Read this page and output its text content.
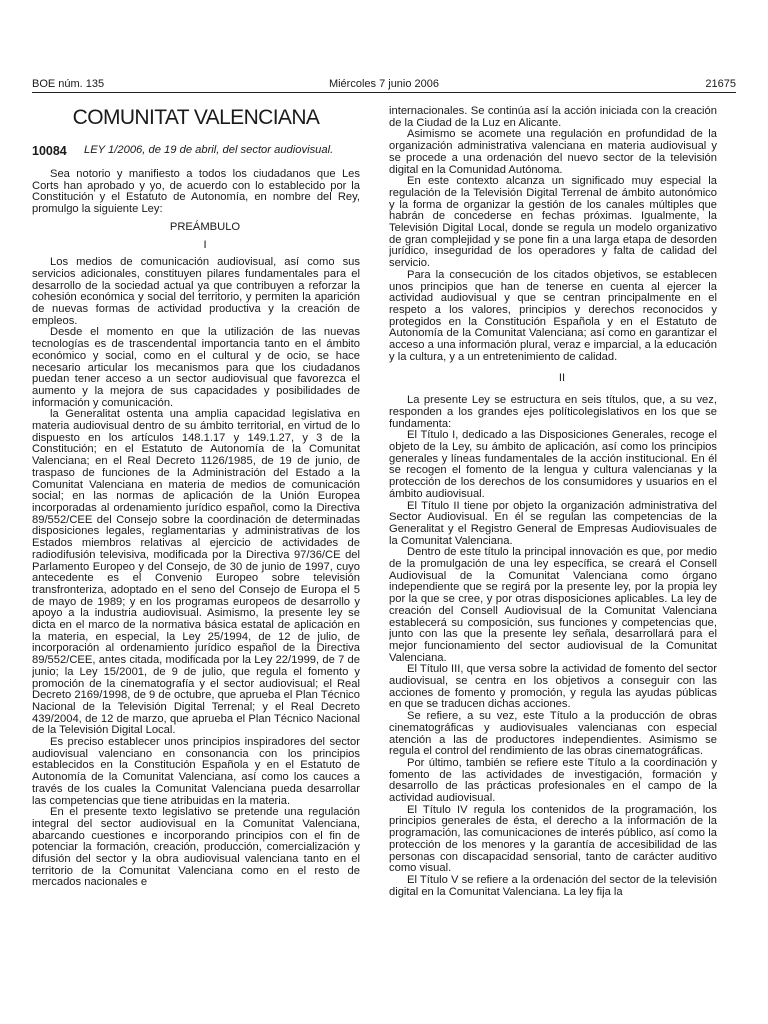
BOE núm. 135	Miércoles 7 junio 2006	21675
COMUNITAT VALENCIANA
10084	LEY 1/2006, de 19 de abril, del sector audiovisual.

Sea notorio y manifiesto a todos los ciudadanos que Les Corts han aprobado y yo, de acuerdo con lo establecido por la Constitución y el Estatuto de Autonomía, en nombre del Rey, promulgo la siguiente Ley:

PREÁMBULO

I

Los medios de comunicación audiovisual, así como sus servicios adicionales, constituyen pilares fundamentales para el desarrollo de la sociedad actual ya que contribuyen a reforzar la cohesión económica y social del territorio, y permiten la aparición de nuevas formas de actividad productiva y la creación de empleos.

Desde el momento en que la utilización de las nuevas tecnologías es de trascendental importancia tanto en el ámbito económico y social, como en el cultural y de ocio, se hace necesario articular los mecanismos para que los ciudadanos puedan tener acceso a un sector audiovisual que favorezca el aumento y la mejora de sus capacidades y posibilidades de información y comunicación.

la Generalitat ostenta una amplia capacidad legislativa en materia audiovisual dentro de su ámbito territorial, en virtud de lo dispuesto en los artículos 148.1.17 y 149.1.27, y 3 de la Constitución; en el Estatuto de Autonomía de la Comunitat Valenciana; en el Real Decreto 1126/1985, de 19 de junio, de traspaso de funciones de la Administración del Estado a la Comunitat Valenciana en materia de medios de comunicación social; en las normas de aplicación de la Unión Europea incorporadas al ordenamiento jurídico español, como la Directiva 89/552/CEE del Consejo sobre la coordinación de determinadas disposiciones legales, reglamentarias y administrativas de los Estados miembros relativas al ejercicio de actividades de radiodifusión televisiva, modificada por la Directiva 97/36/CE del Parlamento Europeo y del Consejo, de 30 de junio de 1997, cuyo antecedente es el Convenio Europeo sobre televisión transfronteriza, adoptado en el seno del Consejo de Europa el 5 de mayo de 1989; y en los programas europeos de desarrollo y apoyo a la industria audiovisual. Asimismo, la presente ley se dicta en el marco de la normativa básica estatal de aplicación en la materia, en especial, la Ley 25/1994, de 12 de julio, de incorporación al ordenamiento jurídico español de la Directiva 89/552/CEE, antes citada, modificada por la Ley 22/1999, de 7 de junio; la Ley 15/2001, de 9 de julio, que regula el fomento y promoción de la cinematografía y el sector audiovisual; el Real Decreto 2169/1998, de 9 de octubre, que aprueba el Plan Técnico Nacional de la Televisión Digital Terrenal; y el Real Decreto 439/2004, de 12 de marzo, que aprueba el Plan Técnico Nacional de la Televisión Digital Local.

Es preciso establecer unos principios inspiradores del sector audiovisual valenciano en consonancia con los principios establecidos en la Constitución Española y en el Estatuto de Autonomía de la Comunitat Valenciana, así como los cauces a través de los cuales la Comunitat Valenciana pueda desarrollar las competencias que tiene atribuidas en la materia.

En el presente texto legislativo se pretende una regulación integral del sector audiovisual en la Comunitat Valenciana, abarcando cuestiones e incorporando principios con el fin de potenciar la formación, creación, producción, comercialización y difusión del sector y la obra audiovisual valenciana tanto en el territorio de la Comunitat Valenciana como en el resto de mercados nacionales e

internacionales. Se continúa así la acción iniciada con la creación de la Ciudad de la Luz en Alicante.

Asimismo se acomete una regulación en profundidad de la organización administrativa valenciana en materia audiovisual y se procede a una ordenación del nuevo sector de la televisión digital en la Comunidad Autónoma.

En este contexto alcanza un significado muy especial la regulación de la Televisión Digital Terrenal de ámbito autonómico y la forma de organizar la gestión de los canales múltiples que habrán de concederse en fechas próximas. Igualmente, la Televisión Digital Local, donde se regula un modelo organizativo de gran complejidad y se pone fin a una larga etapa de desorden jurídico, inseguridad de los operadores y falta de calidad del servicio.

Para la consecución de los citados objetivos, se establecen unos principios que han de tenerse en cuenta al ejercer la actividad audiovisual y que se centran principalmente en el respeto a los valores, principios y derechos reconocidos y protegidos en la Constitución Española y en el Estatuto de Autonomía de la Comunitat Valenciana; así como en garantizar el acceso a una información plural, veraz e imparcial, a la educación y la cultura, y a un entretenimiento de calidad.

II

La presente Ley se estructura en seis títulos, que, a su vez, responden a los grandes ejes políticolegislativos en los que se fundamenta:

El Título I, dedicado a las Disposiciones Generales, recoge el objeto de la Ley, su ámbito de aplicación, así como los principios generales y líneas fundamentales de la acción institucional. En él se recogen el fomento de la lengua y cultura valencianas y la protección de los derechos de los consumidores y usuarios en el ámbito audiovisual.

El Título II tiene por objeto la organización administrativa del Sector Audiovisual. En él se regulan las competencias de la Generalitat y el Registro General de Empresas Audiovisuales de la Comunitat Valenciana.

Dentro de este título la principal innovación es que, por medio de la promulgación de una ley específica, se creará el Consell Audiovisual de la Comunitat Valenciana como órgano independiente que se regirá por la presente ley, por la propia ley por la que se cree, y por otras disposiciones aplicables. La ley de creación del Consell Audiovisual de la Comunitat Valenciana establecerá su composición, sus funciones y competencias que, junto con las que la presente ley señala, desarrollará para el mejor funcionamiento del sector audiovisual de la Comunitat Valenciana.

El Título III, que versa sobre la actividad de fomento del sector audiovisual, se centra en los objetivos a conseguir con las acciones de fomento y promoción, y regula las ayudas públicas en que se traducen dichas acciones.

Se refiere, a su vez, este Título a la producción de obras cinematográficas y audiovisuales valencianas con especial atención a las de productores independientes. Asimismo se regula el control del rendimiento de las obras cinematográficas.

Por último, también se refiere este Título a la coordinación y fomento de las actividades de investigación, formación y desarrollo de las prácticas profesionales en el campo de la actividad audiovisual.

El Título IV regula los contenidos de la programación, los principios generales de ésta, el derecho a la información de la programación, las comunicaciones de interés público, así como la protección de los menores y la garantía de accesibilidad de las personas con discapacidad sensorial, tanto de carácter auditivo como visual.

El Título V se refiere a la ordenación del sector de la televisión digital en la Comunitat Valenciana. La ley fija la
